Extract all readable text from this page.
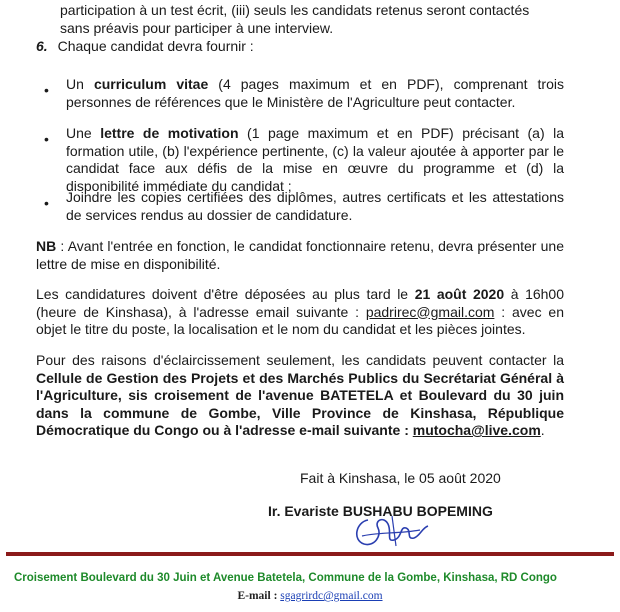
participation à un test écrit, (iii) seuls les candidats retenus seront contactés
sans préavis pour participer à une interview.
6. Chaque candidat devra fournir :
• Un curriculum vitae (4 pages maximum et en PDF), comprenant trois personnes de références que le Ministère de l'Agriculture peut contacter.
• Une lettre de motivation (1 page maximum et en PDF) précisant (a) la formation utile, (b) l'expérience pertinente, (c) la valeur ajoutée à apporter par le candidat face aux défis de la mise en œuvre du programme et (d) la disponibilité immédiate du candidat ;
• Joindre les copies certifiées des diplômes, autres certificats et les attestations de services rendus au dossier de candidature.
NB : Avant l'entrée en fonction, le candidat fonctionnaire retenu, devra présenter une lettre de mise en disponibilité.
Les candidatures doivent d'être déposées au plus tard le 21 août 2020 à 16h00 (heure de Kinshasa), à l'adresse email suivante : padrirec@gmail.com : avec en objet le titre du poste, la localisation et le nom du candidat et les pièces jointes.
Pour des raisons d'éclaircissement seulement, les candidats peuvent contacter la Cellule de Gestion des Projets et des Marchés Publics du Secrétariat Général à l'Agriculture, sis croisement de l'avenue BATETELA et Boulevard du 30 juin dans la commune de Gombe, Ville Province de Kinshasa, République Démocratique du Congo ou à l'adresse e-mail suivante : mutocha@live.com.
Fait à Kinshasa, le 05 août 2020
Ir. Evariste BUSHABU BOPEMING
Croisement Boulevard du 30 Juin et Avenue Batetela, Commune de la Gombe, Kinshasa, RD Congo
E-mail : sgagrirdc@gmail.com
